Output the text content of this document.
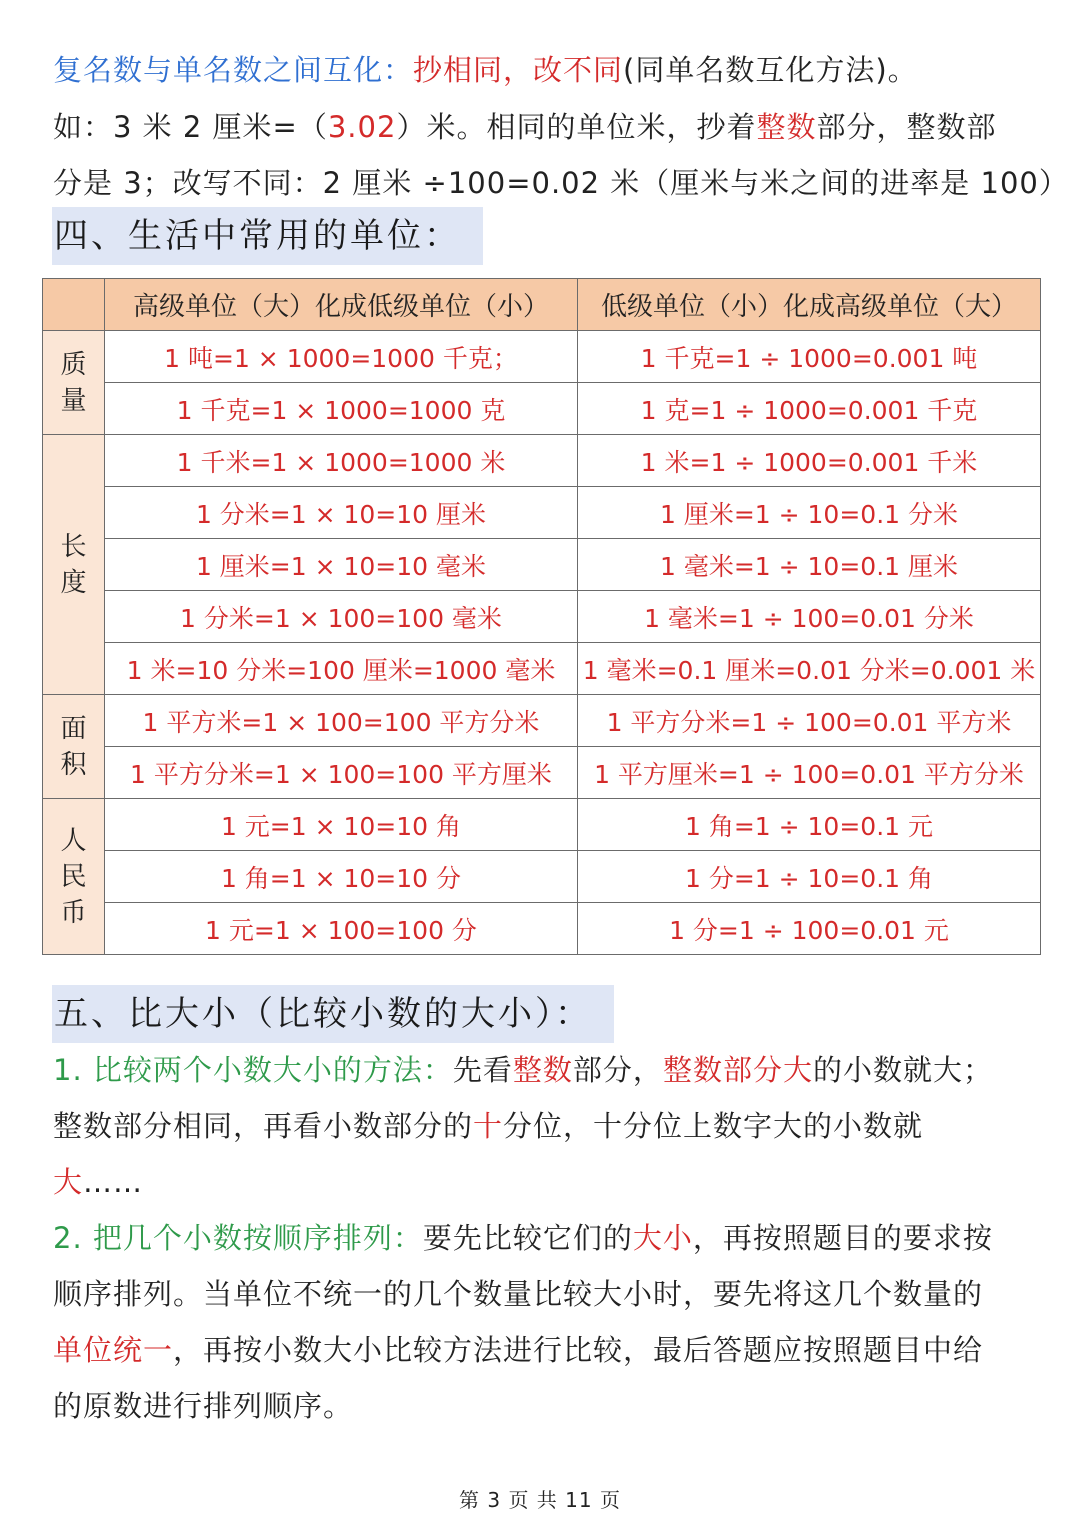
复名数与单名数之间互化：抄相同，改不同(同单名数互化方法)。
如：3 米 2 厘米=（3.02）米。相同的单位米，抄着整数部分，整数部
分是 3；改写不同：2 厘米 ÷100=0.02 米（厘米与米之间的进率是 100）
四、生活中常用的单位：
	高级单位（大）化成低级单位（小）	低级单位（小）化成高级单位（大）

质
量	1 吨=1 × 1000=1000 千克；	1 千克=1 ÷ 1000=0.001 吨
	1 千克=1 × 1000=1000 克	1 克=1 ÷ 1000=0.001 千克

长
度	1 千米=1 × 1000=1000 米	1 米=1 ÷ 1000=0.001 千米
	1 分米=1 × 10=10 厘米	1 厘米=1 ÷ 10=0.1 分米
	1 厘米=1 × 10=10 毫米	1 毫米=1 ÷ 10=0.1 厘米
	1 分米=1 × 100=100 毫米	1 毫米=1 ÷ 100=0.01 分米
	1 米=10 分米=100 厘米=1000 毫米	1 毫米=0.1 厘米=0.01 分米=0.001 米

面
积	1 平方米=1 × 100=100 平方分米	1 平方分米=1 ÷ 100=0.01 平方米
	1 平方分米=1 × 100=100 平方厘米	1 平方厘米=1 ÷ 100=0.01 平方分米

人
民
币	1 元=1 × 10=10 角	1 角=1 ÷ 10=0.1 元
	1 角=1 × 10=10 分	1 分=1 ÷ 10=0.1 角
	1 元=1 × 100=100 分	1 分=1 ÷ 100=0.01 元
五、比大小（比较小数的大小）：
1. 比较两个小数大小的方法：先看整数部分，整数部分大的小数就大；
整数部分相同，再看小数部分的十分位，十分位上数字大的小数就
大……
2. 把几个小数按顺序排列：要先比较它们的大小，再按照题目的要求按
顺序排列。当单位不统一的几个数量比较大小时，要先将这几个数量的
单位统一，再按小数大小比较方法进行比较，最后答题应按照题目中给
的原数进行排列顺序。
第 3 页 共 11 页
